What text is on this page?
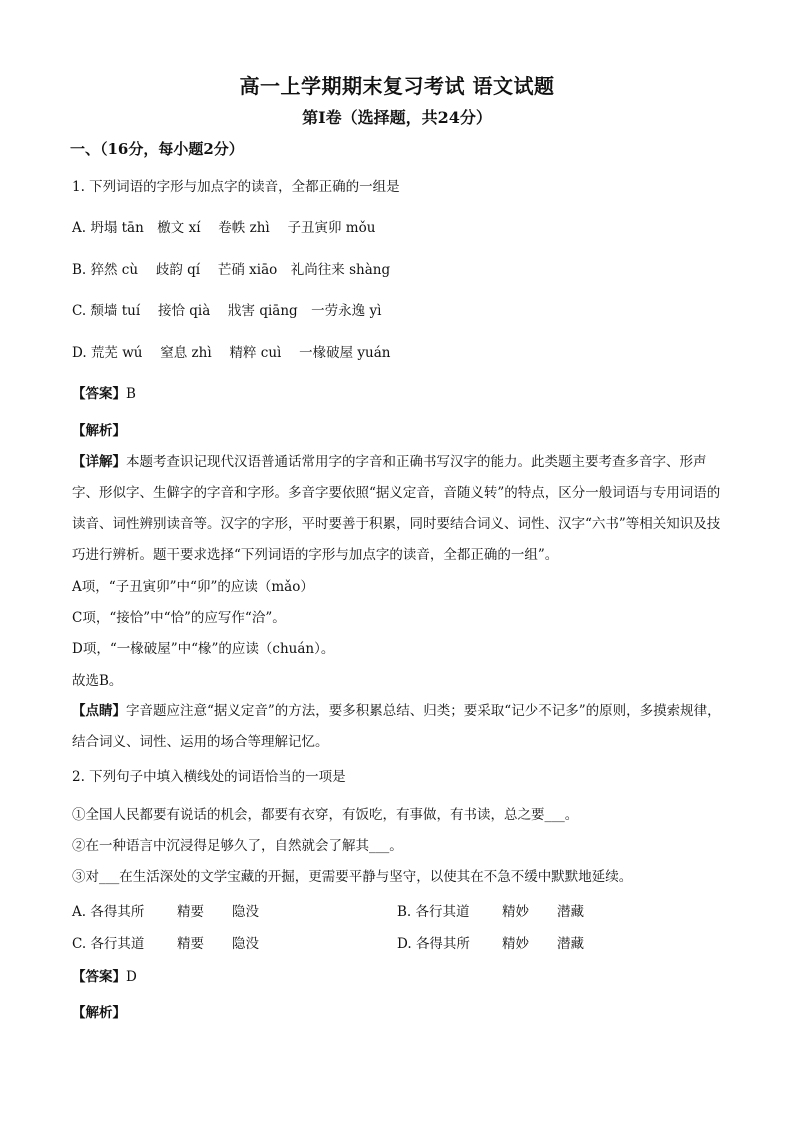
高一上学期期末复习考试 语文试题
第Ⅰ卷（选择题，共24分）
一、（16分，每小题2分）
1. 下列词语的字形与加点字的读音，全都正确的一组是
A. 坍塌 tān　檄文 xí　 卷帙 zhì　 子丑寅卯 mǒu
B. 猝然 cù　 歧韵 qí　 芒硝 xiāo　礼尚往来 shàng
C. 颓墙 tuí　 接恰 qià　 戕害 qiāng　一劳永逸 yì
D. 荒芜 wú　 窒息 zhì　 精粹 cuì　 一椽破屋 yuán
【答案】B
【解析】
【详解】本题考查识记现代汉语普通话常用字的字音和正确书写汉字的能力。此类题主要考查多音字、形声字、形似字、生僻字的字音和字形。多音字要依照“据义定音，音随义转”的特点，区分一般词语与专用词语的读音、词性辨别读音等。汉字的字形，平时要善于积累，同时要结合词义、词性、汉字“六书”等相关知识及技巧进行辨析。题干要求选择“下列词语的字形与加点字的读音，全都正确的一组”。
A项，“子丑寅卯”中“卯”的应读（mǎo）
C项，“接恰”中“恰”的应写作“洽”。
D项，“一椽破屋”中“椽”的应读（chuán）。
故选B。
【点睛】字音题应注意“据义定音”的方法，要多积累总结、归类；要采取“记少不记多”的原则，多摸索规律，结合词义、词性、运用的场合等理解记忆。
2. 下列句子中填入横线处的词语恰当的一项是
①全国人民都要有说话的机会，都要有衣穿，有饭吃，有事做，有书读，总之要___。
②在一种语言中沉浸得足够久了，自然就会了解其___。
③对___在生活深处的文学宝藏的开掘，更需要平静与坚守，以使其在不急不缓中默默地延续。
A. 各得其所 精要 隐没	B. 各行其道 精妙 潜藏
C. 各行其道 精要 隐没	D. 各得其所 精妙 潜藏
【答案】D
【解析】
